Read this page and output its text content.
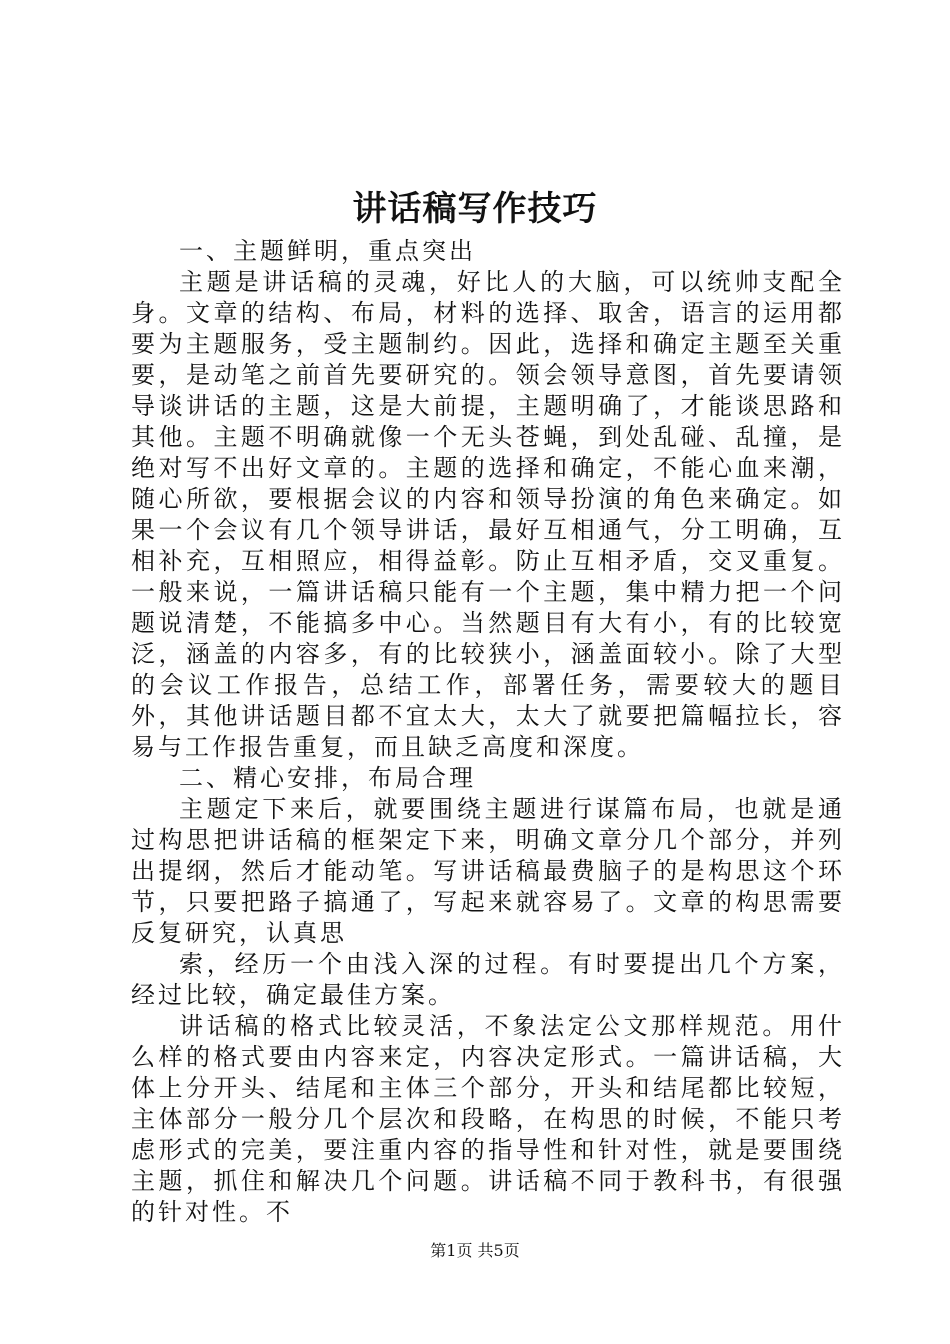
讲话稿写作技巧

一、主题鲜明，重点突出

主题是讲话稿的灵魂，好比人的大脑，可以统帅支配全身。文章的结构、布局，材料的选择、取舍，语言的运用都要为主题服务，受主题制约。因此，选择和确定主题至关重要，是动笔之前首先要研究的。领会领导意图，首先要请领导谈讲话的主题，这是大前提，主题明确了，才能谈思路和其他。主题不明确就像一个无头苍蝇，到处乱碰、乱撞，是绝对写不出好文章的。主题的选择和确定，不能心血来潮，随心所欲，要根据会议的内容和领导扮演的角色来确定。如果一个会议有几个领导讲话，最好互相通气，分工明确，互相补充，互相照应，相得益彰。防止互相矛盾，交叉重复。一般来说，一篇讲话稿只能有一个主题，集中精力把一个问题说清楚，不能搞多中心。当然题目有大有小，有的比较宽泛，涵盖的内容多，有的比较狭小，涵盖面较小。除了大型的会议工作报告，总结工作，部署任务，需要较大的题目外，其他讲话题目都不宜太大，太大了就要把篇幅拉长，容易与工作报告重复，而且缺乏高度和深度。

二、精心安排，布局合理

主题定下来后，就要围绕主题进行谋篇布局，也就是通过构思把讲话稿的框架定下来，明确文章分几个部分，并列出提纲，然后才能动笔。写讲话稿最费脑子的是构思这个环节，只要把路子搞通了，写起来就容易了。文章的构思需要反复研究，认真思

索，经历一个由浅入深的过程。有时要提出几个方案，经过比较，确定最佳方案。

讲话稿的格式比较灵活，不象法定公文那样规范。用什么样的格式要由内容来定，内容决定形式。一篇讲话稿，大体上分开头、结尾和主体三个部分，开头和结尾都比较短，主体部分一般分几个层次和段略，在构思的时候，不能只考虑形式的完美，要注重内容的指导性和针对性，就是要围绕主题，抓住和解决几个问题。讲话稿不同于教科书，有很强的针对性。不

第1页 共5页
